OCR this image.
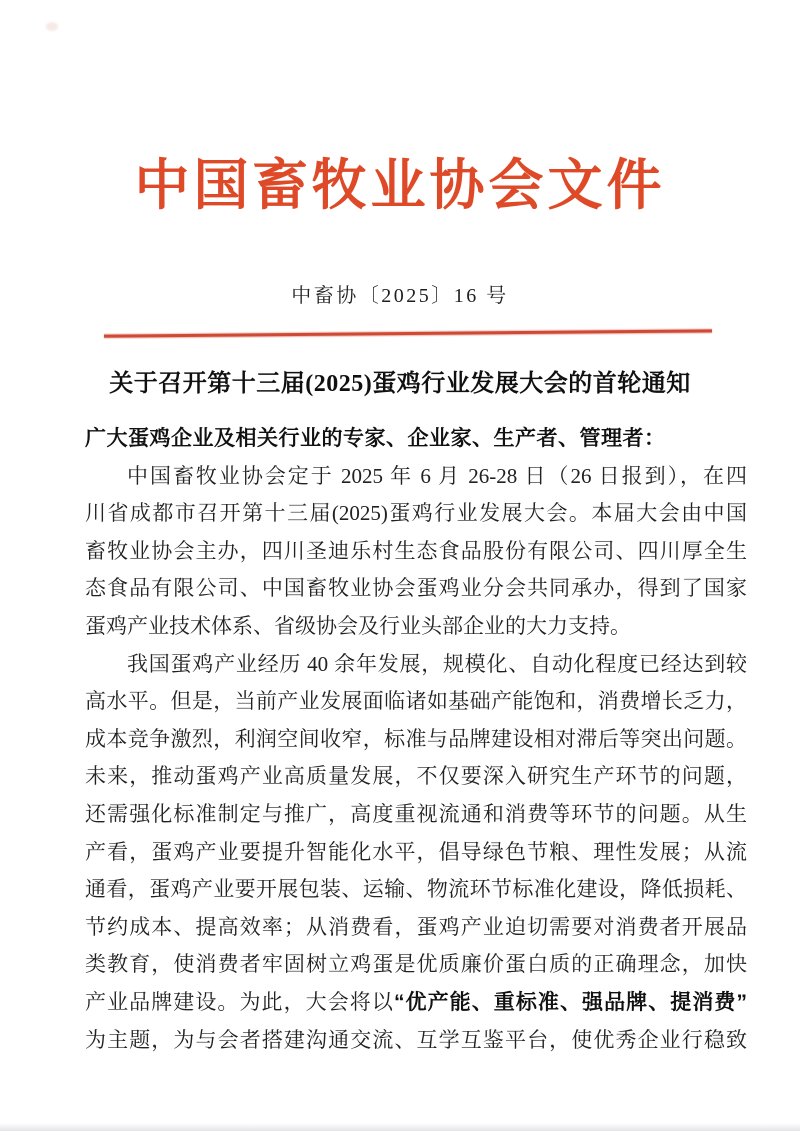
中国畜牧业协会文件
中畜协〔2025〕16 号
关于召开第十三届(2025)蛋鸡行业发展大会的首轮通知
广大蛋鸡企业及相关行业的专家、企业家、生产者、管理者：
中国畜牧业协会定于 2025 年 6 月 26-28 日（26 日报到），在四
川省成都市召开第十三届(2025)蛋鸡行业发展大会。本届大会由中国
畜牧业协会主办，四川圣迪乐村生态食品股份有限公司、四川厚全生
态食品有限公司、中国畜牧业协会蛋鸡业分会共同承办，得到了国家
蛋鸡产业技术体系、省级协会及行业头部企业的大力支持。
我国蛋鸡产业经历 40 余年发展，规模化、自动化程度已经达到较
高水平。但是，当前产业发展面临诸如基础产能饱和，消费增长乏力，
成本竞争激烈，利润空间收窄，标准与品牌建设相对滞后等突出问题。
未来，推动蛋鸡产业高质量发展，不仅要深入研究生产环节的问题，
还需强化标准制定与推广，高度重视流通和消费等环节的问题。从生
产看，蛋鸡产业要提升智能化水平，倡导绿色节粮、理性发展；从流
通看，蛋鸡产业要开展包装、运输、物流环节标准化建设，降低损耗、
节约成本、提高效率；从消费看，蛋鸡产业迫切需要对消费者开展品
类教育，使消费者牢固树立鸡蛋是优质廉价蛋白质的正确理念，加快
产业品牌建设。为此，大会将以“优产能、重标准、强品牌、提消费”
为主题，为与会者搭建沟通交流、互学互鉴平台，使优秀企业行稳致
